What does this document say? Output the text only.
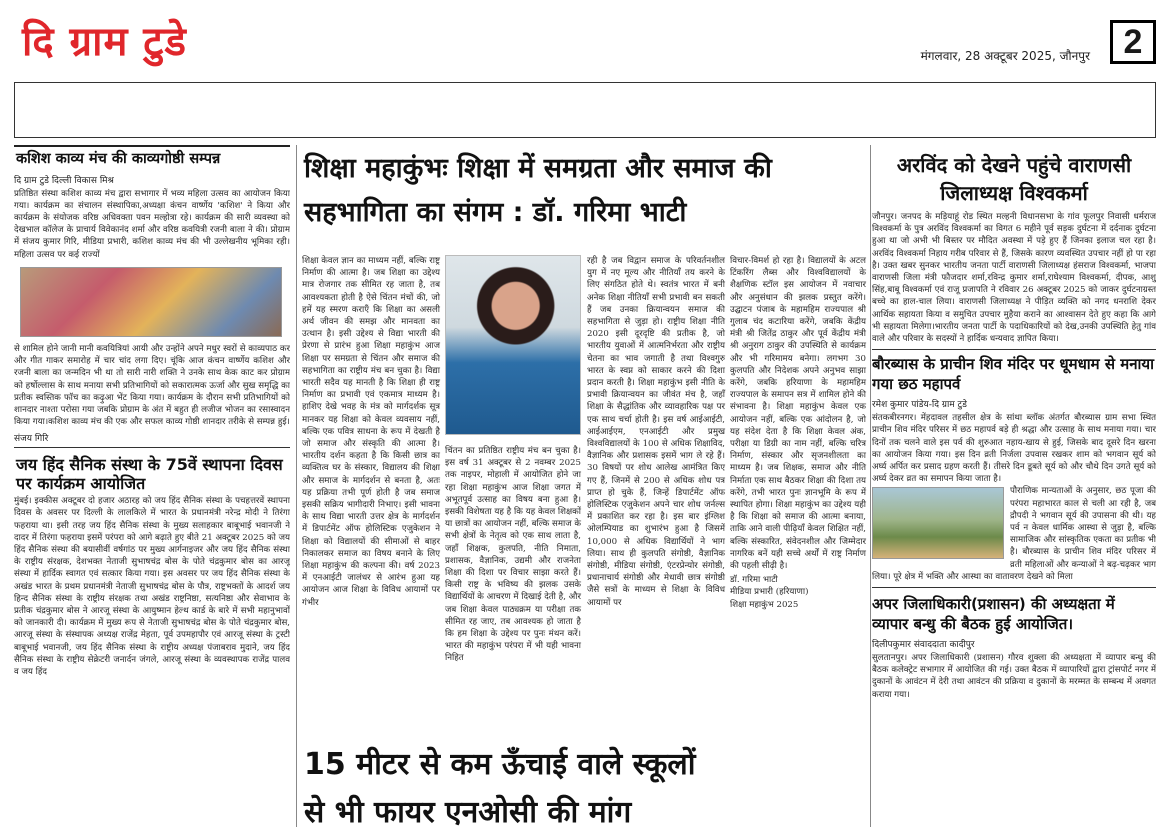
दि ग्राम टुडे	मंगलवार, 28 अक्टूबर 2025, जौनपुर 2
कशिश काव्य मंच की काव्यगोष्ठी सम्पन्न
दि ग्राम टुडे दिल्ली विकास मिश्र

प्रतिष्ठित संस्था कशिश काव्य मंच द्वारा सभागार में भव्य महिला उत्सव का आयोजन किया गया। कार्यक्रम का संचालन संस्थापिका,अध्यक्षा कंचन वार्ष्णेय 'कशिश' ने किया और कार्यक्रम के संयोजक वरिष्ठ अधिवक्ता पवन मल्होत्रा रहे। कार्यक्रम की सारी व्यवस्था को देखभाल कॉलेज के प्राचार्य विवेकानंद शर्मा और वरिष्ठ कवयित्री रजनी बाला ने की। प्रोग्राम में संजय कुमार गिरि, मीडिया प्रभारी, कशिश काव्य मंच की भी उल्लेखनीय भूमिका रही। महिला उत्सव पर कई राज्यों

से शामिल होने जानी मानी कवयित्रियां आयी और उन्होंने अपने मधुर स्वरों से काव्यपाठ कर और गीत गाकर समारोह में चार चांद लगा दिए। चूंकि आज कंचन वार्ष्णेय कशिश और रजनी बाला का जन्मदिन भी था तो सारी नारी शक्ति ने उनके साथ केक काट कर प्रोग्राम को हर्षोल्लास के साथ मनाया सभी प्रतिभागियों को सकारात्मक ऊर्जा और सुख समृद्धि का प्रतीक स्वस्तिक फॉच का कढ़ुआ भेंट किया गया। कार्यक्रम के दौरान सभी प्रतिभागियों को शानदार नाश्ता परोसा गया जबकि प्रोग्राम के अंत में बहुत ही लजीज भोजन का रसास्वादन किया गया।कशिश काव्य मंच की एक और सफल काव्य गोष्ठी शानदार तरीके से सम्पन्न हुई।

संजय गिरि
जय हिंद सैनिक संस्था के 75वें स्थापना दिवस पर कार्यक्रम आयोजित

मुंबई। इक्कीस अक्टूबर दो हजार अठारह को जय हिंद सैनिक संस्था के पचहत्तरवें स्थापना दिवस के अवसर पर दिल्ली के लालकिले में भारत के प्रधानमंत्री नरेन्द्र मोदी ने तिरंगा फहराया था। इसी तरह जय हिंद सैनिक संस्था के मुख्य सलाहकार बाबूभाई भवानजी ने दादर में तिरंगा फहराया इसमें परंपरा को आगे बढ़ाते हुए बीते 21 अक्टूबर 2025 को जय हिंद सैनिक संस्था की बयासीवीं वर्षगांठ पर मुख्य आर्गनाइजर और जय हिंद सैनिक संस्था के राष्ट्रीय संरक्षक, देशभक्त नेताजी सुभाषचंद्र बोस के पोते चंद्रकुमार बोस का आरजू संस्था में हार्दिक स्वागत एवं सत्कार किया गया। इस अवसर पर जय हिंद सैनिक संस्था के अखंड भारत के प्रथम प्रधानमंत्री नेताजी सुभाषचंद्र बोस के पौत्र, राष्ट्रभक्तों के आदर्श जय हिन्द सैनिक संस्था के राष्ट्रीय संरक्षक तथा अखंड राष्ट्रनिष्ठा, सत्यनिष्ठा और सेवाभाव के प्रतीक चंद्रकुमार बोस ने आरजू संस्था के आयुष्मान हेल्थ कार्ड के बारे में सभी महानुभावों को जानकारी दी। कार्यक्रम में मुख्य रूप से नेताजी सुभाषचंद्र बोस के पोते चंद्रकुमार बोस, आरजू संस्था के संस्थापक अध्यक्ष राजेंद्र मेहता, पूर्व उपमहापौर एवं आरजू संस्था के ट्रस्टी बाबूभाई भवानजी, जय हिंद सैनिक संस्था के राष्ट्रीय अध्यक्ष पंजाबराव मुदाने, जय हिंद सैनिक संस्था के राष्ट्रीय सेक्रेटरी जनार्दन जंगले, आरजू संस्था के व्यवस्थापक राजेंद्र पालव व जय हिंद

शिक्षा महाकुंभः शिक्षा में समग्रता और समाज की सहभागिता का संगम : डॉ. गरिमा भाटी

शिक्षा केवल ज्ञान का माध्यम नहीं, बल्कि राष्ट्र निर्माण की आत्मा है। जब शिक्षा का उद्देश्य मात्र रोजगार तक सीमित रह जाता है, तब आवश्यकता होती है ऐसे चिंतन मंचों की, जो हमें यह स्मरण कराएँ कि शिक्षा का असली अर्थ जीवन की समझ और मानवता का उत्थान है। इसी उद्देश्य से विद्या भारती की प्रेरणा से प्रारंभ हुआ शिक्षा महाकुंभ आज शिक्षा पर समग्रता से चिंतन और समाज की सहभागिता का राष्ट्रीय मंच बन चुका है। विद्या भारती सदैव यह मानती है कि शिक्षा ही राष्ट्र निर्माण का प्रभावी एवं एकमात्र माध्यम है। हाशिए देखे भवह के मंत्र को मार्गदर्शक सूत्र मानकर यह शिक्षा को केवल व्यवसाय नहीं, बल्कि एक पवित्र साधना के रूप में देखती है जो समाज और संस्कृति की आत्मा है।भारतीय दर्शन कहता है कि किसी छात्र का व्यक्तित्व घर के संस्कार, विद्यालय की शिक्षा और समाज के मार्गदर्शन से बनता है, अतः यह प्रक्रिया तभी पूर्ण होती है जब समाज इसकी सक्रिय भागीदारी निभाए। इसी भावना के साथ विद्या भारती उत्तर क्षेत्र के मार्गदर्शन में डिपार्टमेंट ऑफ होलिस्टिक एजुकेशन ने शिक्षा को विद्यालयों की सीमाओं से बाहर निकालकर समाज का विषय बनाने के लिए शिक्षा महाकुंभ की कल्पना की। वर्ष 2023 में एनआईटी जालंधर से आरंभ हुआ यह आयोजन आज शिक्षा के विविध आयामों पर गंभीर

चिंतन का प्रतिष्ठित राष्ट्रीय मंच बन चुका है। इस वर्ष 31 अक्टूबर से 2 नवम्बर 2025 तक नाइपर, मोहाली में आयोजित होने जा रहा शिक्षा महाकुंभ आज शिक्षा जगत में अभूतपूर्व उत्साह का विषय बना हुआ है। इसकी विशेषता यह है कि यह केवल शिक्षकों या छात्रों का आयोजन नहीं, बल्कि समाज के सभी क्षेत्रों के नेतृत्व को एक साथ लाता है, जहाँ शिक्षक, कुलपति, नीति निमाता, प्रशासक, वैज्ञानिक, उद्यमी और राजनेता शिक्षा की दिशा पर विचार साझा करते हैं। किसी राष्ट्र के भविष्य की झलक उसके विद्यार्थियों के आचरण में दिखाई देती है, और जब शिक्षा केवल पाठ्यक्रम या परीक्षा तक सीमित रह जाए, तब आवश्यक हो जाता है कि हम शिक्षा के उद्देश्य पर पुनः मंथन करें। भारत की महाकुंभ परंपरा में भी यही भावना निहित

रही है जब विद्वान समाज के परिवर्तनशील युग में नए मूल्य और नीतियाँ तय करने के लिए संगठित होते थे। स्वतंत्र भारत में बनी अनेक शिक्षा नीतियाँ सभी प्रभावी बन सकती हैं जब उनका क्रियान्वयन समाज की सहभागिता से जुड़ा हो। राष्ट्रीय शिक्षा नीति 2020 इसी दूरदृष्टि की प्रतीक है, जो भारतीय युवाओं में आत्मनिर्भरता और राष्ट्रीय चेतना का भाव जगाती है तथा विश्वगुरु भारत के स्वप्न को साकार करने की दिशा प्रदान करती है। शिक्षा महाकुंभ इसी नीति के प्रभावी क्रियान्वयन का जीवंत मंच है, जहाँ शिक्षा के सैद्धांतिक और व्यावहारिक पक्ष पर एक साथ चर्चा होती है। इस वर्ष आईआईटी, आईआईएम, एनआईटी और प्रमुख विश्वविद्यालयों के 100 से अधिक शिक्षाविद, वैज्ञानिक और प्रशासक इसमें भाग ले रहे हैं। 30 विषयों पर शोध आलेख आमंत्रित किए गए हैं, जिनमें से 200 से अधिक शोध पत्र प्राप्त हो चुके हैं, जिन्हें डिपार्टमेंट ऑफ होलिस्टिक एजुकेशन अपने चार शोध जर्नल्स में प्रकाशित कर रहा है। इस बार इंग्लिश ओलम्पियाड का शुभारंभ हुआ है जिसमें 10,000 से अधिक विद्यार्थियों ने भाग लिया। साथ ही कुलपति संगोष्ठी, वैज्ञानिक संगोष्ठी, मीडिया संगोष्ठी, एंटरप्रेन्योर संगोष्ठी, प्रधानाचार्य संगोष्ठी और मेधावी छात्र संगोष्ठी जैसे सत्रों के माध्यम से शिक्षा के विविध आयामों पर

विचार-विमर्श हो रहा है। विद्यालयों के अटल टिंकरिंग लैब्स और विश्वविद्यालयों के शैक्षणिक स्टॉल इस आयोजन में नवाचार और अनुसंधान की झलक प्रस्तुत करेंगे। उद्घाटन पंजाब के महामहिम राज्यपाल श्री गुलाब चंद कटारिया करेंगे, जबकि केंद्रीय मंत्री श्री जितेंद्र ठाकुर और पूर्व केंद्रीय मंत्री श्री अनुराग ठाकुर की उपस्थिति से कार्यक्रम और भी गरिमामय बनेगा। लगभग 30 कुलपति और निदेशक अपने अनुभव साझा करेंगे, जबकि हरियाणा के महामहिम राज्यपाल के समापन सत्र में शामिल होने की संभावना है। शिक्षा महाकुंभ केवल एक आयोजन नहीं, बल्कि एक आंदोलन है, जो यह संदेश देता है कि शिक्षा केवल अंक, परीक्षा या डिग्री का नाम नहीं, बल्कि चरित्र निर्माण, संस्कार और सृजनशीलता का माध्यम है। जब शिक्षक, समाज और नीति निर्माता एक साथ बैठकर शिक्षा की दिशा तय करेंगे, तभी भारत पुनः ज्ञानभूमि के रूप में स्थापित होगा। शिक्षा महाकुंभ का उद्देश्य यही है कि शिक्षा को समाज की आत्मा बनाया, ताकि आने वाली पीढ़ियाँ केवल शिक्षित नहीं, बल्कि संस्कारित, संवेदनशील और जिम्मेदार नागरिक बनें यही सच्चे अर्थों में राष्ट्र निर्माण की पहली सीढ़ी है।

डॉ. गरिमा भाटी
मीडिया प्रभारी (हरियाणा)
शिक्षा महाकुंभ 2025
15 मीटर से कम ऊँचाई वाले स्कूलों
से भी फायर एनओसी की मांग
अरविंद को देखने पहुंचे वाराणसी जिलाध्यक्ष विश्वकर्मा

जौनपुर। जनपद के मड़ियाहूं रोड स्थित मल्हनी विधानसभा के गांव फूलपुर निवासी धर्मराज विश्वकर्मा के पुत्र अरविंद विश्वकर्मा का विगत 6 महीने पूर्व सड़क दुर्घटना में दर्दनाक दुर्घटना हुआ था जो अभी भी बिस्तर पर मौदित अवस्था में पड़े हुए हैं जिनका इलाज चल रहा है। अरविंद विश्वकर्मा निहाय गरीब परिवार से हैं, जिसके कारण व्यवस्थित उपचार नहीं हो पा रहा है। उक्त खबर सुनकर भारतीय जनता पार्टी वाराणसी जिलाध्यक्ष हंसराज विश्वकर्मा, भाजपा वाराणसी जिला मंत्री फौजदार शर्मा,रविन्द्र कुमार शर्मा,राघेश्याम विश्वकर्मा, दीपक, आशु सिंह,बाबू विश्वकर्मा एवं राजू प्रजापति ने रविवार 26 अक्टूबर 2025 को जाकर दुर्घटनाग्रस्त बच्चे का हाल-चाल लिया। वाराणसी जिलाध्यक्ष ने पीड़ित व्यक्ति को नगद धनराशि देकर आर्थिक सहायता किया व समुचित उपचार मुहैया कराने का आश्वासन देते हुए कहा कि आगे भी सहायता मिलेगा।भारतीय जनता पार्टी के पदाधिकारियों को देख,उनकी उपस्थिति हेतु गांव वाले और परिवार के सदस्यों ने हार्दिक धन्यवाद ज्ञापित किया।

बौरब्यास के प्राचीन शिव मंदिर पर धूमधाम से मनाया गया छठ महापर्व
रमेश कुमार पांडेय-दि ग्राम टुडे

संतकबीरनगर। मेंहदावल तहसील क्षेत्र के सांथा ब्लॉक अंतर्गत बौरब्यास ग्राम सभा स्थित प्राचीन शिव मंदिर परिसर में छठ महापर्व बड़े ही श्रद्धा और उत्साह के साथ मनाया गया। चार दिनों तक चलने वाले इस पर्व की शुरुआत नहाय-खाय से हुई, जिसके बाद दूसरे दिन खरना का आयोजन किया गया। इस दिन व्रती निर्जला उपवास रखकर शाम को भगवान सूर्य को अर्घ्य अर्पित कर प्रसाद ग्रहण करती हैं। तीसरे दिन डूबते सूर्य को और चौथे दिन उगते सूर्य को अर्घ्य देकर व्रत का समापन किया जाता है।

पौराणिक मान्यताओं के अनुसार, छठ पूजा की परंपरा महाभारत काल से चली आ रही है, जब द्रौपदी ने भगवान सूर्य की उपासना की थी। यह पर्व न केवल धार्मिक आस्था से जुड़ा है, बल्कि सामाजिक और सांस्कृतिक एकता का प्रतीक भी है। बौरब्यास के प्राचीन शिव मंदिर परिसर में व्रती महिलाओं और कन्याओं ने बढ़-चढ़कर भाग लिया। पूरे क्षेत्र में भक्ति और आस्था का वातावरण देखने को मिला

अपर जिलाधिकारी(प्रशासन) की अध्यक्षता में व्यापार बन्धु की बैठक हुई आयोजित।
दिलीपकुमार संवाददाता कादीपुर

सुलतानपुर। अपर जिलाधिकारी (प्रशासन) गौरव शुक्ला की अध्यक्षता में व्यापार बन्धु की बैठक कलेक्ट्रेट सभागार में आयोजित की गई। उक्त बैठक में व्यापारियों द्वारा ट्रांसपोर्ट नगर में दुकानों के आवंटन में देरी तथा आवंटन की प्रक्रिया व दुकानों के मरम्मत के सम्बन्ध में अवगत कराया गया।
